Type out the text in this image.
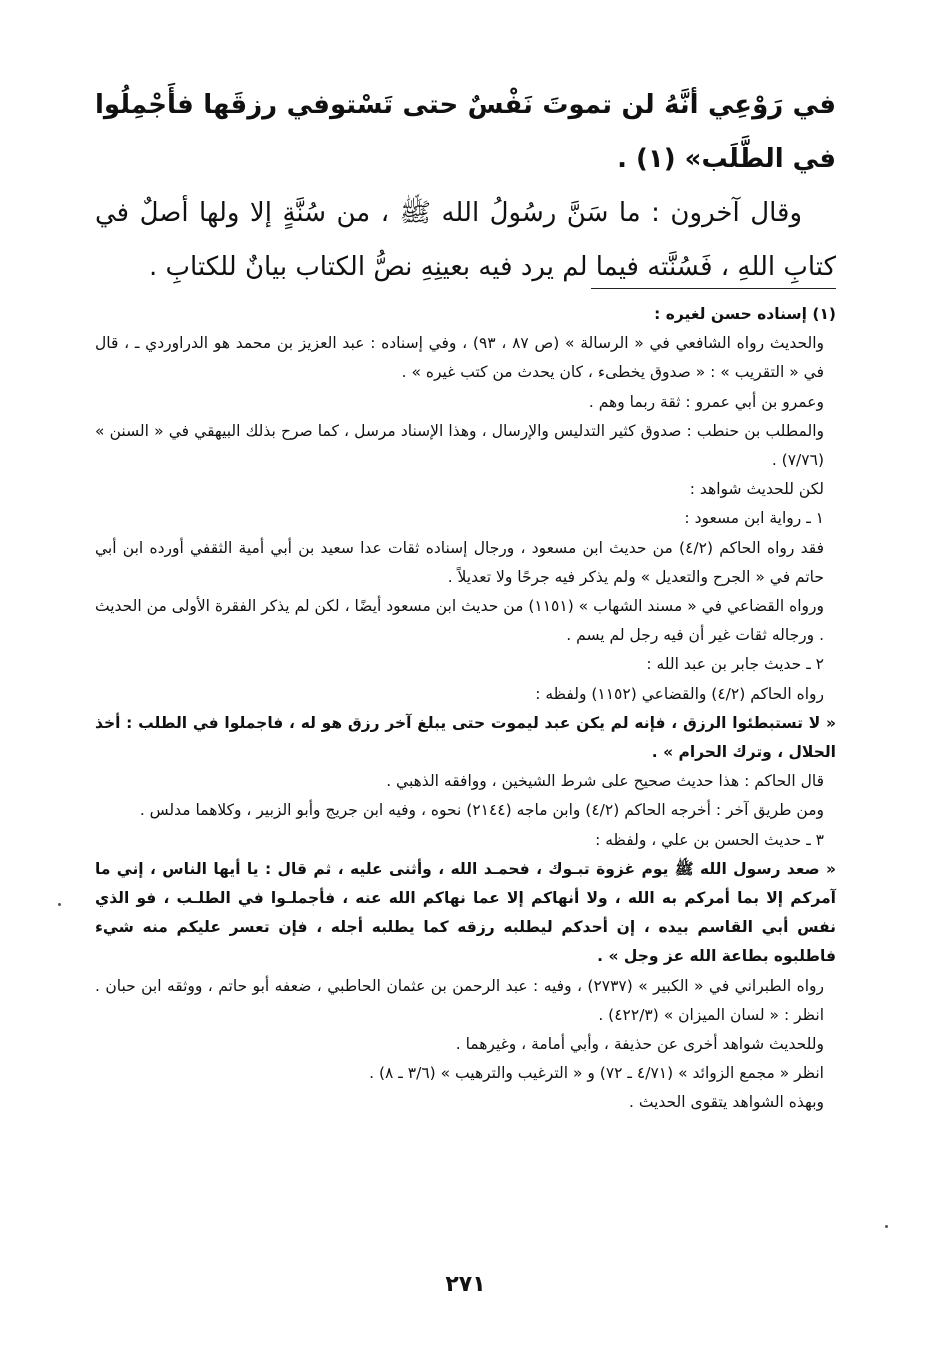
في رَوْعِي أنَّهُ لن تموتَ نَفْسٌ حتى تَسْتوفي رزقَها فأَجْمِلُوا في الطَّلَب» (١) .

وقال آخرون : ما سَنَّ رسُولُ الله ﷺ ، من سُنَّةٍ إلا ولها أصلٌ في كتابِ اللهِ ، فَسُنَّته فيما لم يرد فيه بعينِهِ نصُّ الكتاب بيانٌ للكتابِ .

(١) إسناده حسن لغيره :

والحديث رواه الشافعي في « الرسالة » (ص ٨٧ ، ٩٣) ، وفي إسناده : عبد العزيز بن محمد هو الدراوردي ـ ، قال في « التقريب » : « صدوق يخطىء ، كان يحدث من كتب غيره » .

وعمرو بن أبي عمرو : ثقة ربما وهم .

والمطلب بن حنطب : صدوق كثير التدليس والإرسال ، وهذا الإسناد مرسل ، كما صرح بذلك البيهقي في « السنن » (٧/٧٦) .

لكن للحديث شواهد :

١ ـ رواية ابن مسعود :

فقد رواه الحاكم (٤/٢) من حديث ابن مسعود ، ورجال إسناده ثقات عدا سعيد بن أبي أمية الثقفي أورده ابن أبي حاتم في « الجرح والتعديل » ولم يذكر فيه جرحًا ولا تعديلاً .

ورواه القضاعي في « مسند الشهاب » (١١٥١) من حديث ابن مسعود أيضًا ، لكن لم يذكر الفقرة الأولى من الحديث . ورجاله ثقات غير أن فيه رجل لم يسم .

٢ ـ حديث جابر بن عبد الله :

رواه الحاكم (٤/٢) والقضاعي (١١٥٢) ولفظه :

« لا تستبطئوا الرزق ، فإنه لم يكن عبد ليموت حتى يبلغ آخر رزق هو له ، فاجملوا في الطلب : أخذ الحلال ، وترك الحرام » .

قال الحاكم : هذا حديث صحيح على شرط الشيخين ، ووافقه الذهبي .

ومن طريق آخر : أخرجه الحاكم (٤/٢) وابن ماجه (٢١٤٤) نحوه ، وفيه ابن جريج وأبو الزبير ، وكلاهما مدلس .

٣ ـ حديث الحسن بن علي ، ولفظه :

« صعد رسول الله ﷺ يوم غزوة تبـوك ، فحمـد الله ، وأثنى عليه ، ثم قال : يا أيها الناس ، إني ما آمركم إلا بما أمركم به الله ، ولا أنهاكم إلا عما نهاكم الله عنه ، فأجملـوا في الطلـب ، فو الذي نفس أبي القاسم بيده ، إن أحدكم ليطلبه رزقه كما يطلبه أجله ، فإن تعسر عليكم منه شيء فاطلبوه بطاعة الله عز وجل » .

رواه الطبراني في « الكبير » (٢٧٣٧) ، وفيه : عبد الرحمن بن عثمان الحاطبي ، ضعفه أبو حاتم ، ووثقه ابن حبان . انظر : « لسان الميزان » (٤٢٢/٣) .

وللحديث شواهد أخرى عن حذيفة ، وأبي أمامة ، وغيرهما .

انظر « مجمع الزوائد » (٤/٧١ ـ ٧٢) و « الترغيب والترهيب » (٣/٦ ـ ٨) .

وبهذه الشواهد يتقوى الحديث .

٢٧١
